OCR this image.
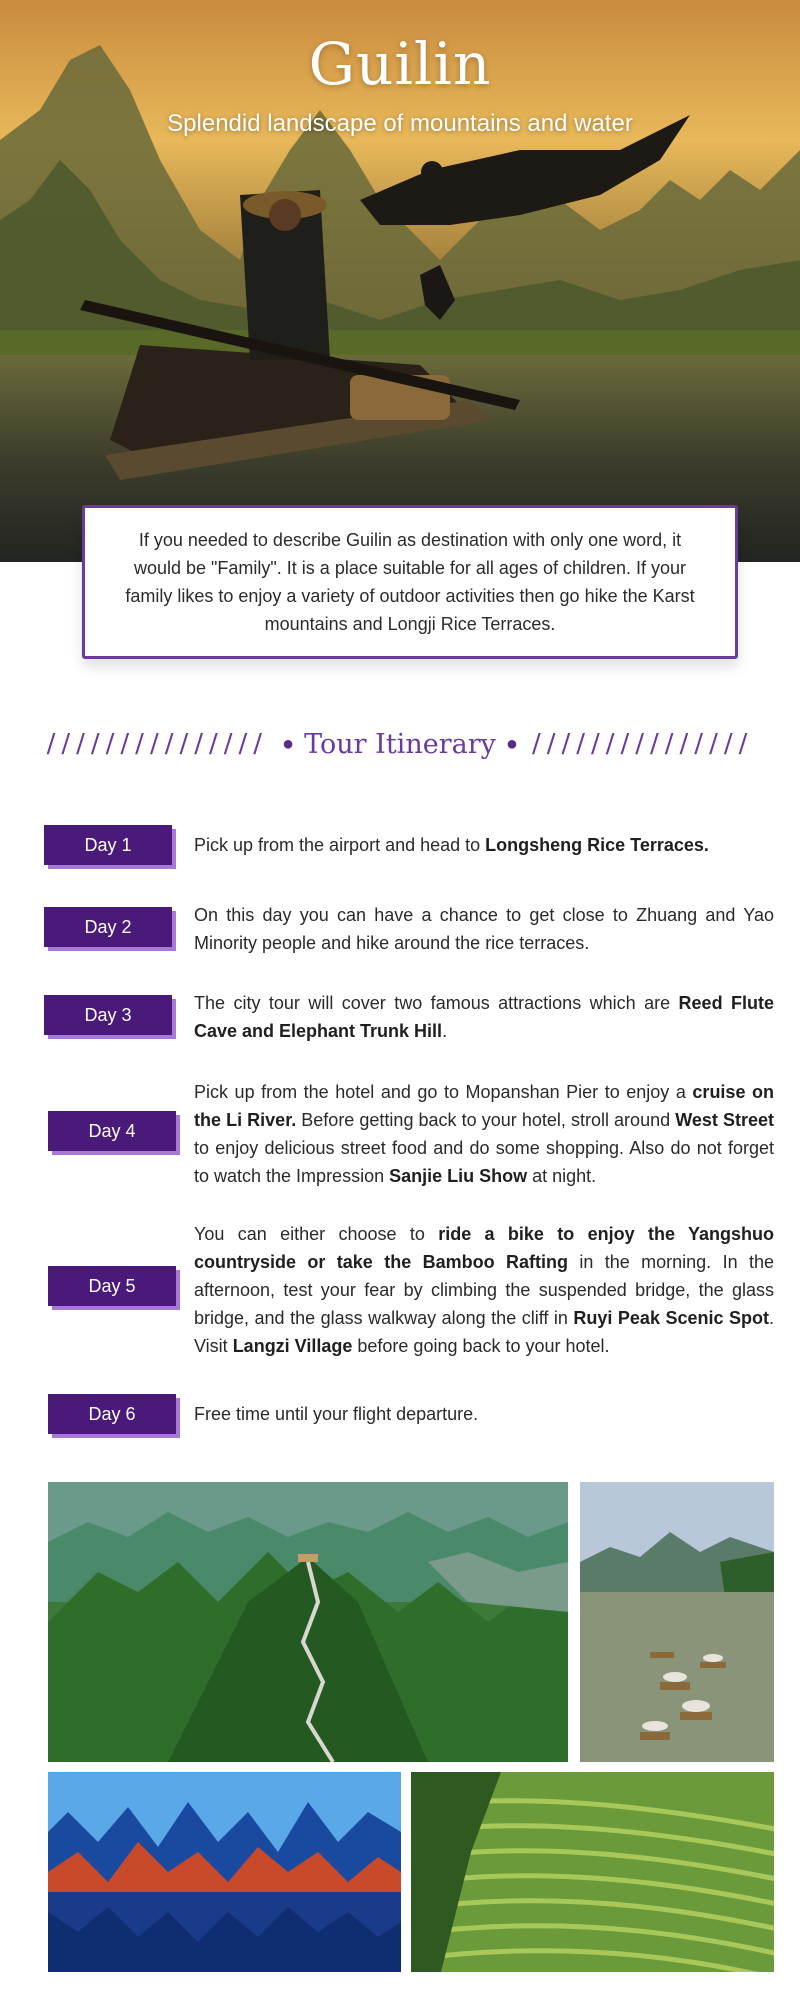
Guilin
Splendid landscape of mountains and water

If you needed to describe Guilin as destination with only one word, it would be "Family". It is a place suitable for all ages of children. If your family likes to enjoy a variety of outdoor activities then go hike the Karst mountains and Longji Rice Terraces.

/////////////// ● Tour Itinerary ● ///////////////
Day 1	Pick up from the airport and head to Longsheng Rice Terraces.
Day 2
On this day you can have a chance to get close to Zhuang and Yao Minority people and hike around the rice terraces.
Day 3
The city tour will cover two famous attractions which are Reed Flute Cave and Elephant Trunk Hill.
Day 4
Pick up from the hotel and go to Mopanshan Pier to enjoy a cruise on the Li River. Before getting back to your hotel, stroll around West Street to enjoy delicious street food and do some shopping. Also do not forget to watch the Impression Sanjie Liu Show at night.
Day 5
You can either choose to ride a bike to enjoy the Yangshuo countryside or take the Bamboo Rafting in the morning. In the afternoon, test your fear by climbing the suspended bridge, the glass bridge, and the glass walkway along the cliff in Ruyi Peak Scenic Spot. Visit Langzi Village before going back to your hotel.
Day 6	Free time until your flight departure.
